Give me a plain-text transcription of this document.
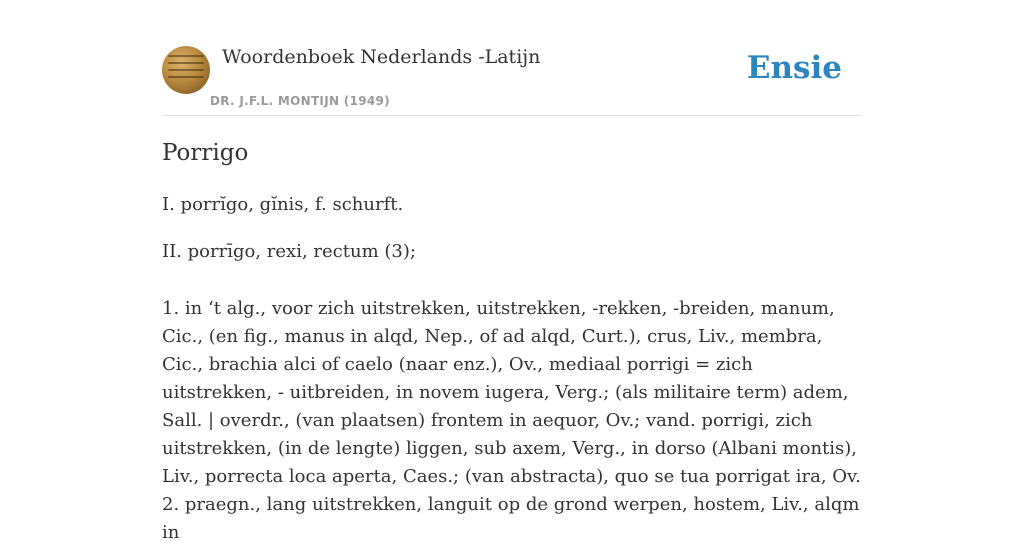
Woordenboek Nederlands -Latijn
DR. J.F.L. MONTIJN (1949)
Ensie
Porrigo
I. porrĭgo, gĭnis, f. schurft.
II. porrīgo, rexi, rectum (3);

1. in ‘t alg., voor zich uitstrekken, uitstrekken, -rekken, -breiden, manum, Cic., (en fig., manus in alqd, Nep., of ad alqd, Curt.), crus, Liv., membra, Cic., brachia alci of caelo (naar enz.), Ov., mediaal porrigi = zich uitstrekken, - uitbreiden, in novem iugera, Verg.; (als militaire term) adem, Sall. | overdr., (van plaatsen) frontem in aequor, Ov.; vand. porrigi, zich uitstrekken, (in de lengte) liggen, sub axem, Verg., in dorso (Albani montis), Liv., porrecta loca aperta, Caes.; (van abstracta), quo se tua porrigat ira, Ov.

2. praegn., lang uitstrekken, languit op de grond werpen, hostem, Liv., alqm in
